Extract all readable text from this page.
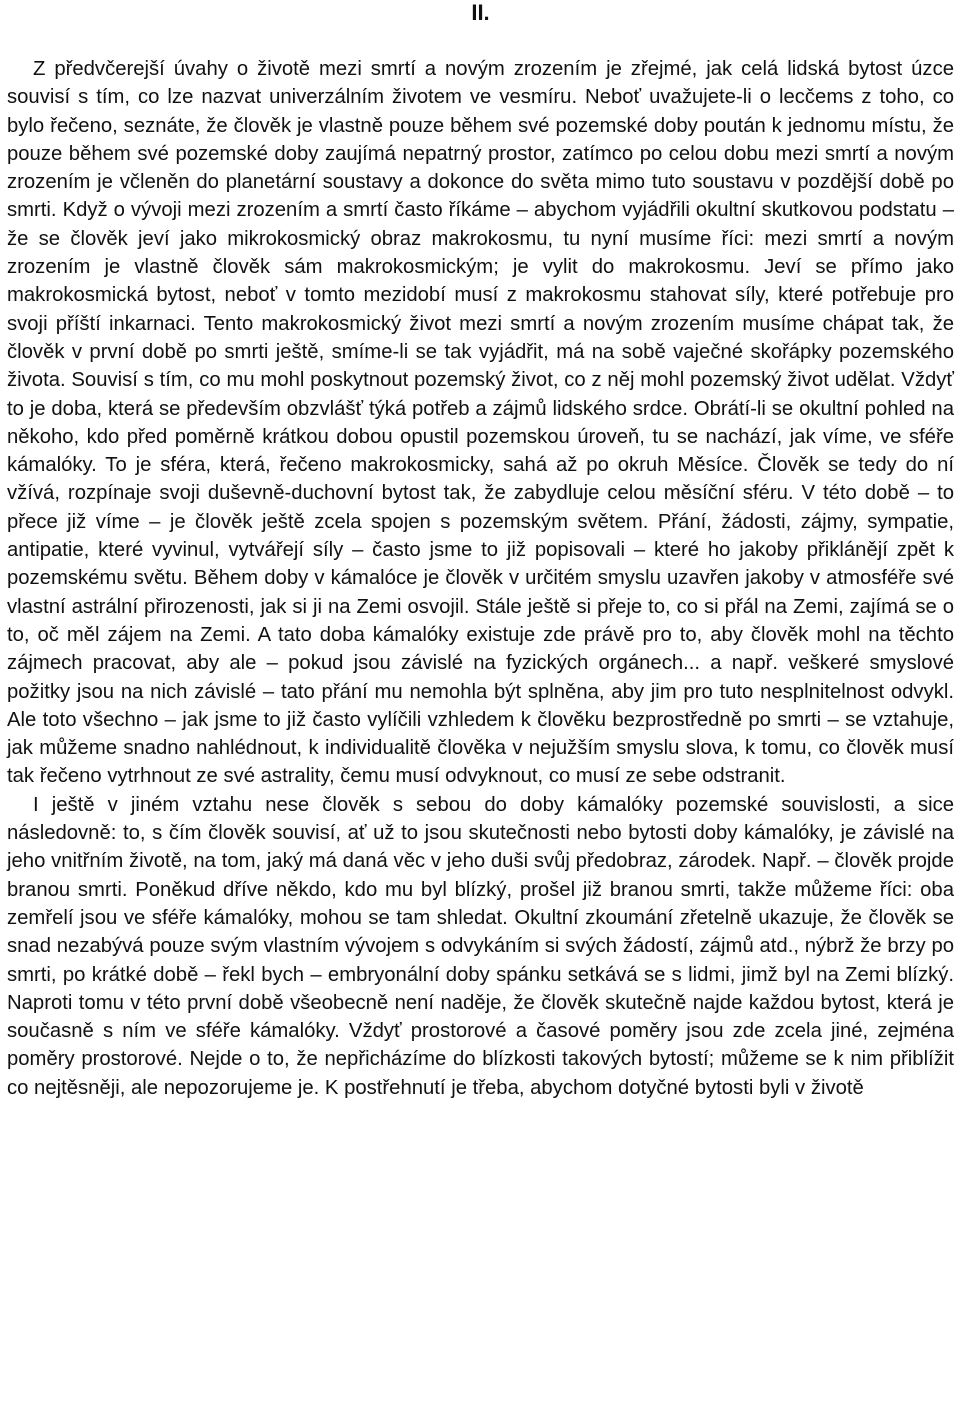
II.

Z předvčerejší úvahy o životě mezi smrtí a novým zrozením je zřejmé, jak celá lidská bytost úzce souvisí s tím, co lze nazvat univerzálním životem ve vesmíru. Neboť uvažujete-li o lecčems z toho, co bylo řečeno, seznáte, že člověk je vlastně pouze během své pozemské doby poután k jednomu místu, že pouze během své pozemské doby zaujímá nepatrný prostor, zatímco po celou dobu mezi smrtí a novým zrozením je včleněn do planetární soustavy a dokonce do světa mimo tuto soustavu v pozdější době po smrti. Když o vývoji mezi zrozením a smrtí často říkáme – abychom vyjádřili okultní skutkovou podstatu – že se člověk jeví jako mikrokosmický obraz makrokosmu, tu nyní musíme říci: mezi smrtí a novým zrozením je vlastně člověk sám makrokosmickým; je vylit do makrokosmu. Jeví se přímo jako makrokosmická bytost, neboť v tomto mezidobí musí z makrokosmu stahovat síly, které potřebuje pro svoji příští inkarnaci. Tento makrokosmický život mezi smrtí a novým zrozením musíme chápat tak, že člověk v první době po smrti ještě, smíme-li se tak vyjádřit, má na sobě vaječné skořápky pozemského života. Souvisí s tím, co mu mohl poskytnout pozemský život, co z něj mohl pozemský život udělat. Vždyť to je doba, která se především obzvlášť týká potřeb a zájmů lidského srdce. Obrátí-li se okultní pohled na někoho, kdo před poměrně krátkou dobou opustil pozemskou úroveň, tu se nachází, jak víme, ve sféře kámalóky. To je sféra, která, řečeno makrokosmicky, sahá až po okruh Měsíce. Člověk se tedy do ní vžívá, rozpínaje svoji duševně-duchovní bytost tak, že zabydluje celou měsíční sféru. V této době – to přece již víme – je člověk ještě zcela spojen s pozemským světem. Přání, žádosti, zájmy, sympatie, antipatie, které vyvinul, vytvářejí síly – často jsme to již popisovali – které ho jakoby přiklánějí zpět k pozemskému světu. Během doby v kámalóce je člověk v určitém smyslu uzavřen jakoby v atmosféře své vlastní astrální přirozenosti, jak si ji na Zemi osvojil. Stále ještě si přeje to, co si přál na Zemi, zajímá se o to, oč měl zájem na Zemi. A tato doba kámalóky existuje zde právě pro to, aby člověk mohl na těchto zájmech pracovat, aby ale – pokud jsou závislé na fyzických orgánech... a např. veškeré smyslové požitky jsou na nich závislé – tato přání mu nemohla být splněna, aby jim pro tuto nesplnitelnost odvykl. Ale toto všechno – jak jsme to již často vylíčili vzhledem k člověku bezprostředně po smrti – se vztahuje, jak můžeme snadno nahlédnout, k individualitě člověka v nejužším smyslu slova, k tomu, co člověk musí tak řečeno vytrhnout ze své astrality, čemu musí odvyknout, co musí ze sebe odstranit.

I ještě v jiném vztahu nese člověk s sebou do doby kámalóky pozemské souvislosti, a sice následovně: to, s čím člověk souvisí, ať už to jsou skutečnosti nebo bytosti doby kámalóky, je závislé na jeho vnitřním životě, na tom, jaký má daná věc v jeho duši svůj předobraz, zárodek. Např. – člověk projde branou smrti. Poněkud dříve někdo, kdo mu byl blízký, prošel již branou smrti, takže můžeme říci: oba zemřelí jsou ve sféře kámalóky, mohou se tam shledat. Okultní zkoumání zřetelně ukazuje, že člověk se snad nezabývá pouze svým vlastním vývojem s odvykáním si svých žádostí, zájmů atd., nýbrž že brzy po smrti, po krátké době – řekl bych – embryonální doby spánku setkává se s lidmi, jimž byl na Zemi blízký. Naproti tomu v této první době všeobecně není naděje, že člověk skutečně najde každou bytost, která je současně s ním ve sféře kámalóky. Vždyť prostorové a časové poměry jsou zde zcela jiné, zejména poměry prostorové. Nejde o to, že nepřicházíme do blízkosti takových bytostí; můžeme se k nim přiblížit co nejtěsněji, ale nepozorujeme je. K postřehnutí je třeba, abychom dotyčné bytosti byli v životě
